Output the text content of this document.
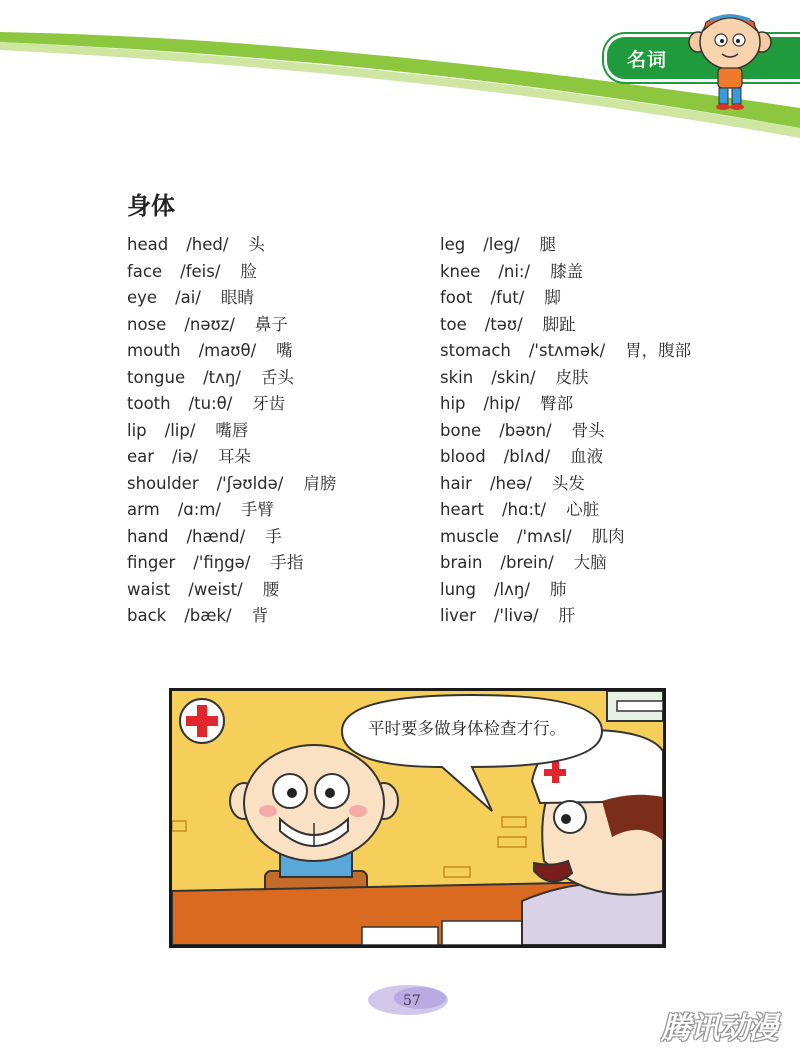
名词
身体
head /hed/ 头
face /feis/ 脸
eye /ai/ 眼睛
nose /nəʊz/ 鼻子
mouth /maʊθ/ 嘴
tongue /tʌŋ/ 舌头
tooth /tu:θ/ 牙齿
lip /lip/ 嘴唇
ear /iə/ 耳朵
shoulder /'ʃəʊldə/ 肩膀
arm /ɑ:m/ 手臂
hand /hænd/ 手
finger /'fiŋgə/ 手指
waist /weist/ 腰
back /bæk/ 背
leg /leg/ 腿
knee /ni:/ 膝盖
foot /fut/ 脚
toe /təʊ/ 脚趾
stomach /'stʌmək/ 胃，腹部
skin /skin/ 皮肤
hip /hip/ 臀部
bone /bəʊn/ 骨头
blood /blʌd/ 血液
hair /heə/ 头发
heart /hɑ:t/ 心脏
muscle /'mʌsl/ 肌肉
brain /brein/ 大脑
lung /lʌŋ/ 肺
liver /'livə/ 肝
平时要多做身体检查才行。
57
腾讯动漫
